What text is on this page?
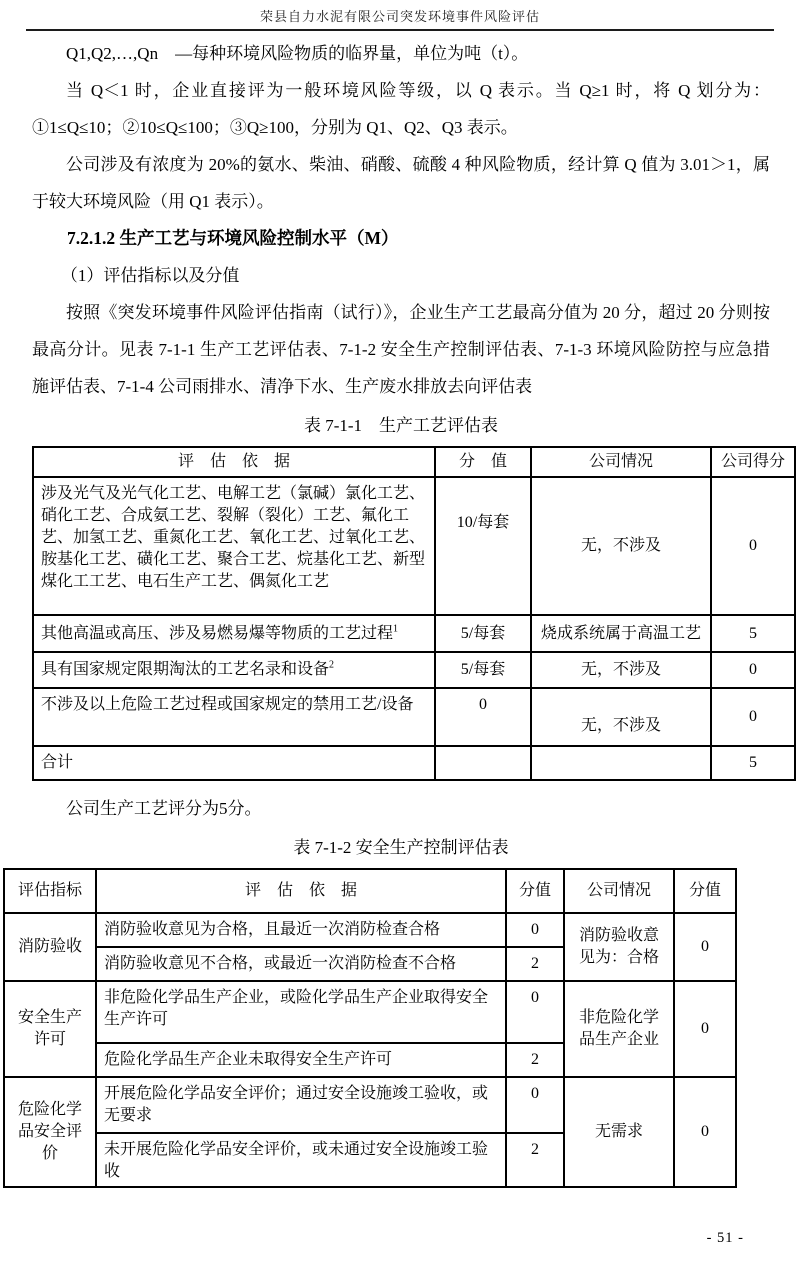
荣县自力水泥有限公司突发环境事件风险评估

Q1,Q2,…,Qn　—每种环境风险物质的临界量，单位为吨（t）。

当 Q＜1 时，企业直接评为一般环境风险等级，以 Q 表示。当 Q≥1 时，将 Q 划分为：①1≤Q≤10；②10≤Q≤100；③Q≥100，分别为 Q1、Q2、Q3 表示。

公司涉及有浓度为 20%的氨水、柴油、硝酸、硫酸 4 种风险物质，经计算 Q 值为 3.01＞1，属于较大环境风险（用 Q1 表示）。

7.2.1.2 生产工艺与环境风险控制水平（M）

（1）评估指标以及分值

按照《突发环境事件风险评估指南（试行）》，企业生产工艺最高分值为 20 分，超过 20 分则按最高分计。见表 7-1-1 生产工艺评估表、7-1-2 安全生产控制评估表、7-1-3 环境风险防控与应急措施评估表、7-1-4 公司雨排水、清净下水、生产废水排放去向评估表

表 7-1-1　生产工艺评估表
评　估　依　据	分　值	公司情况	公司得分
涉及光气及光气化工艺、电解工艺（氯碱）氯化工艺、硝化工艺、合成氨工艺、裂解（裂化）工艺、氟化工艺、加氢工艺、重氮化工艺、氧化工艺、过氧化工艺、胺基化工艺、磺化工艺、聚合工艺、烷基化工艺、新型煤化工工艺、电石生产工艺、偶氮化工艺	10/每套	无，不涉及	0
其他高温或高压、涉及易燃易爆等物质的工艺过程$^1$	5/每套	烧成系统属于高温工艺	5
具有国家规定限期淘汰的工艺名录和设备$^2$	5/每套	无，不涉及	0
不涉及以上危险工艺过程或国家规定的禁用工艺/设备	0	无，不涉及	0
合计			5

公司生产工艺评分为5分。

表 7-1-2 安全生产控制评估表
评估指标	评　估　依　据	分值	公司情况	分值
消防验收	消防验收意见为合格，且最近一次消防检查合格	0	消防验收意见为：合格	0
	消防验收意见不合格，或最近一次消防检查不合格	2		
安全生产许可	非危险化学品生产企业，或险化学品生产企业取得安全生产许可	0	非危险化学品生产企业	0
	危险化学品生产企业未取得安全生产许可	2		
危险化学品安全评价	开展危险化学品安全评价；通过安全设施竣工验收，或无要求	0	无需求	0
	未开展危险化学品安全评价，或未通过安全设施竣工验收	2		
- 51 -
